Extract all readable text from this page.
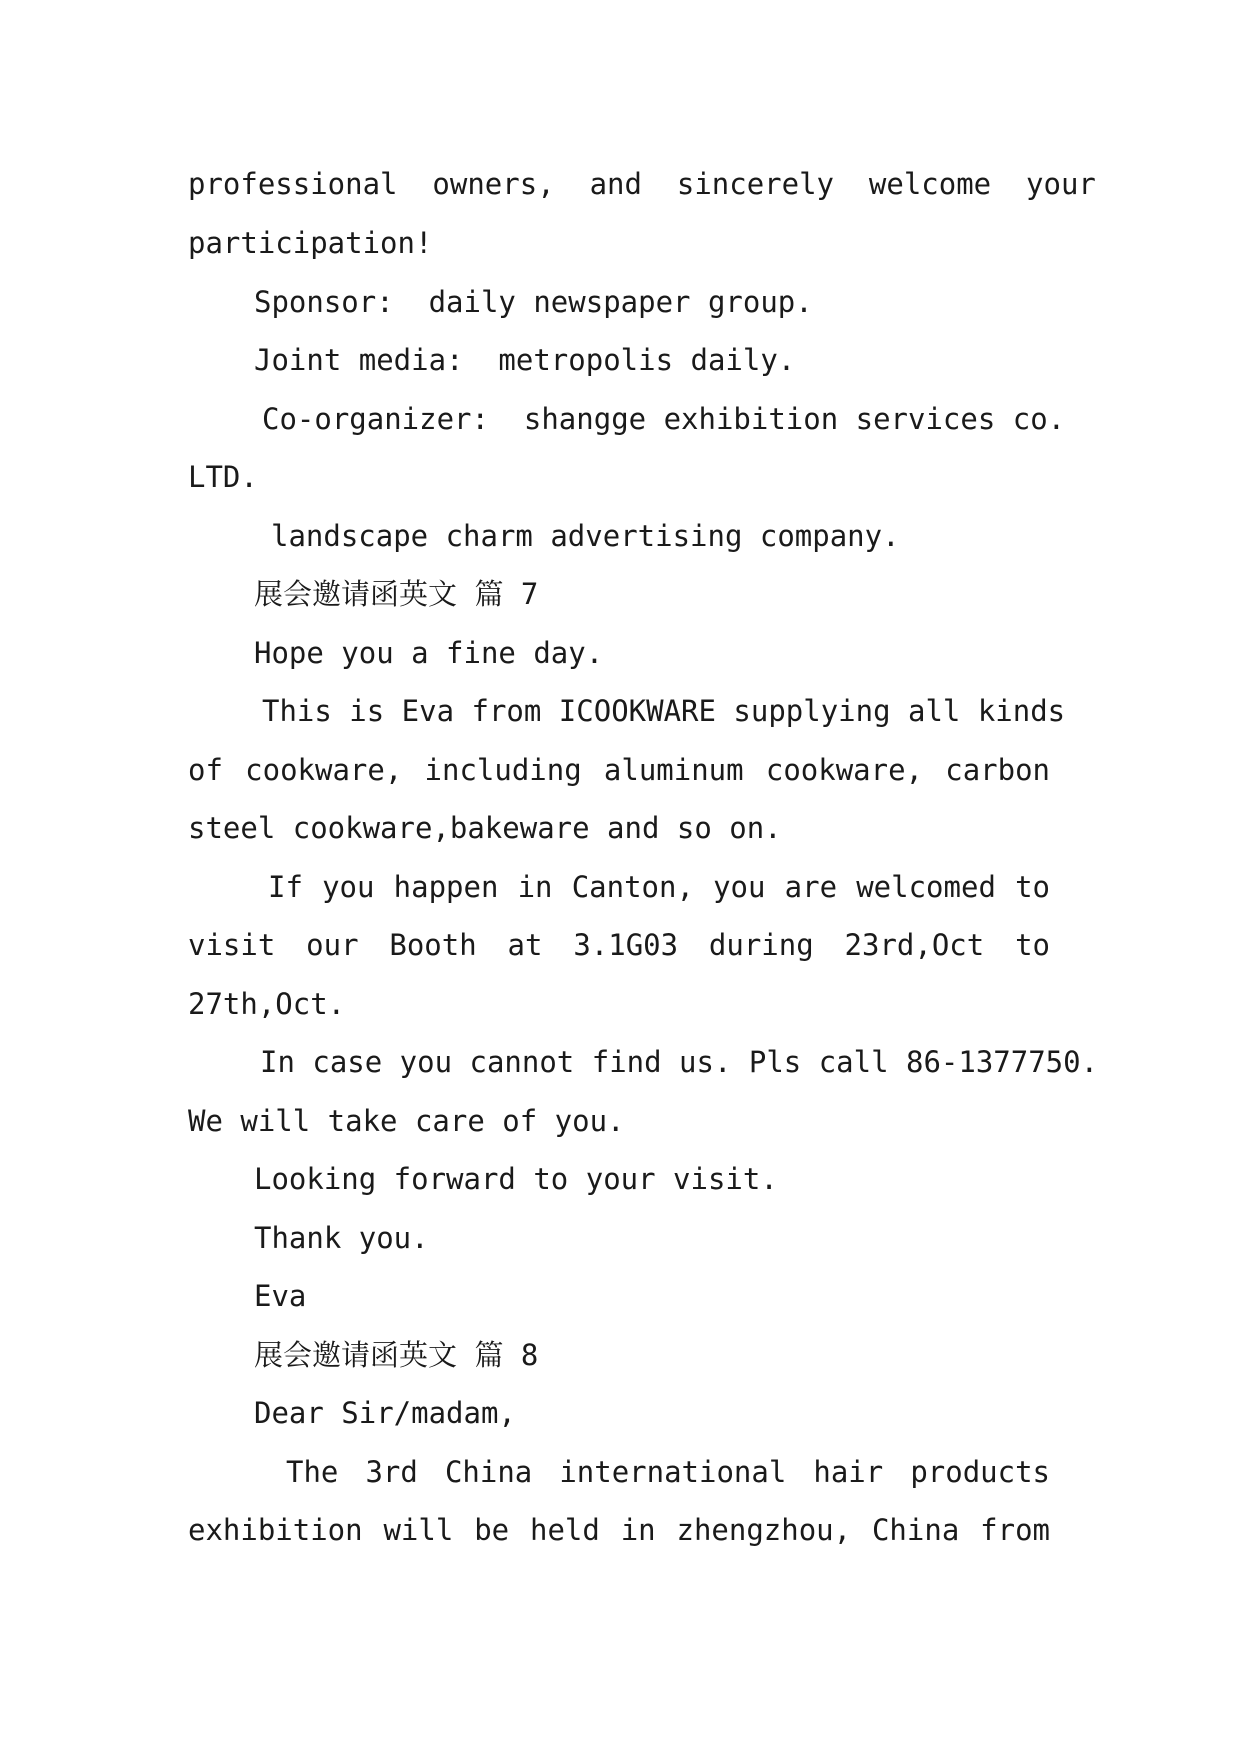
professional  owners,  and  sincerely  welcome  your
participation!
Sponsor:  daily newspaper group.
Joint media:  metropolis daily.
Co-organizer:  shangge exhibition services co.
LTD.
landscape charm advertising company.
展会邀请函英文 篇 7
Hope you a fine day.
This is Eva from ICOOKWARE supplying all kinds
of cookware, including aluminum cookware, carbon
steel cookware,bakeware and so on.
If you happen in Canton, you are welcomed to
visit our Booth at 3.1G03 during 23rd,Oct to
27th,Oct.
In case you cannot find us. Pls call 86-1377750.
We will take care of you.
Looking forward to your visit.
Thank you.
Eva
展会邀请函英文 篇 8
Dear Sir/madam,
The 3rd China international hair products
exhibition will be held in zhengzhou, China from
